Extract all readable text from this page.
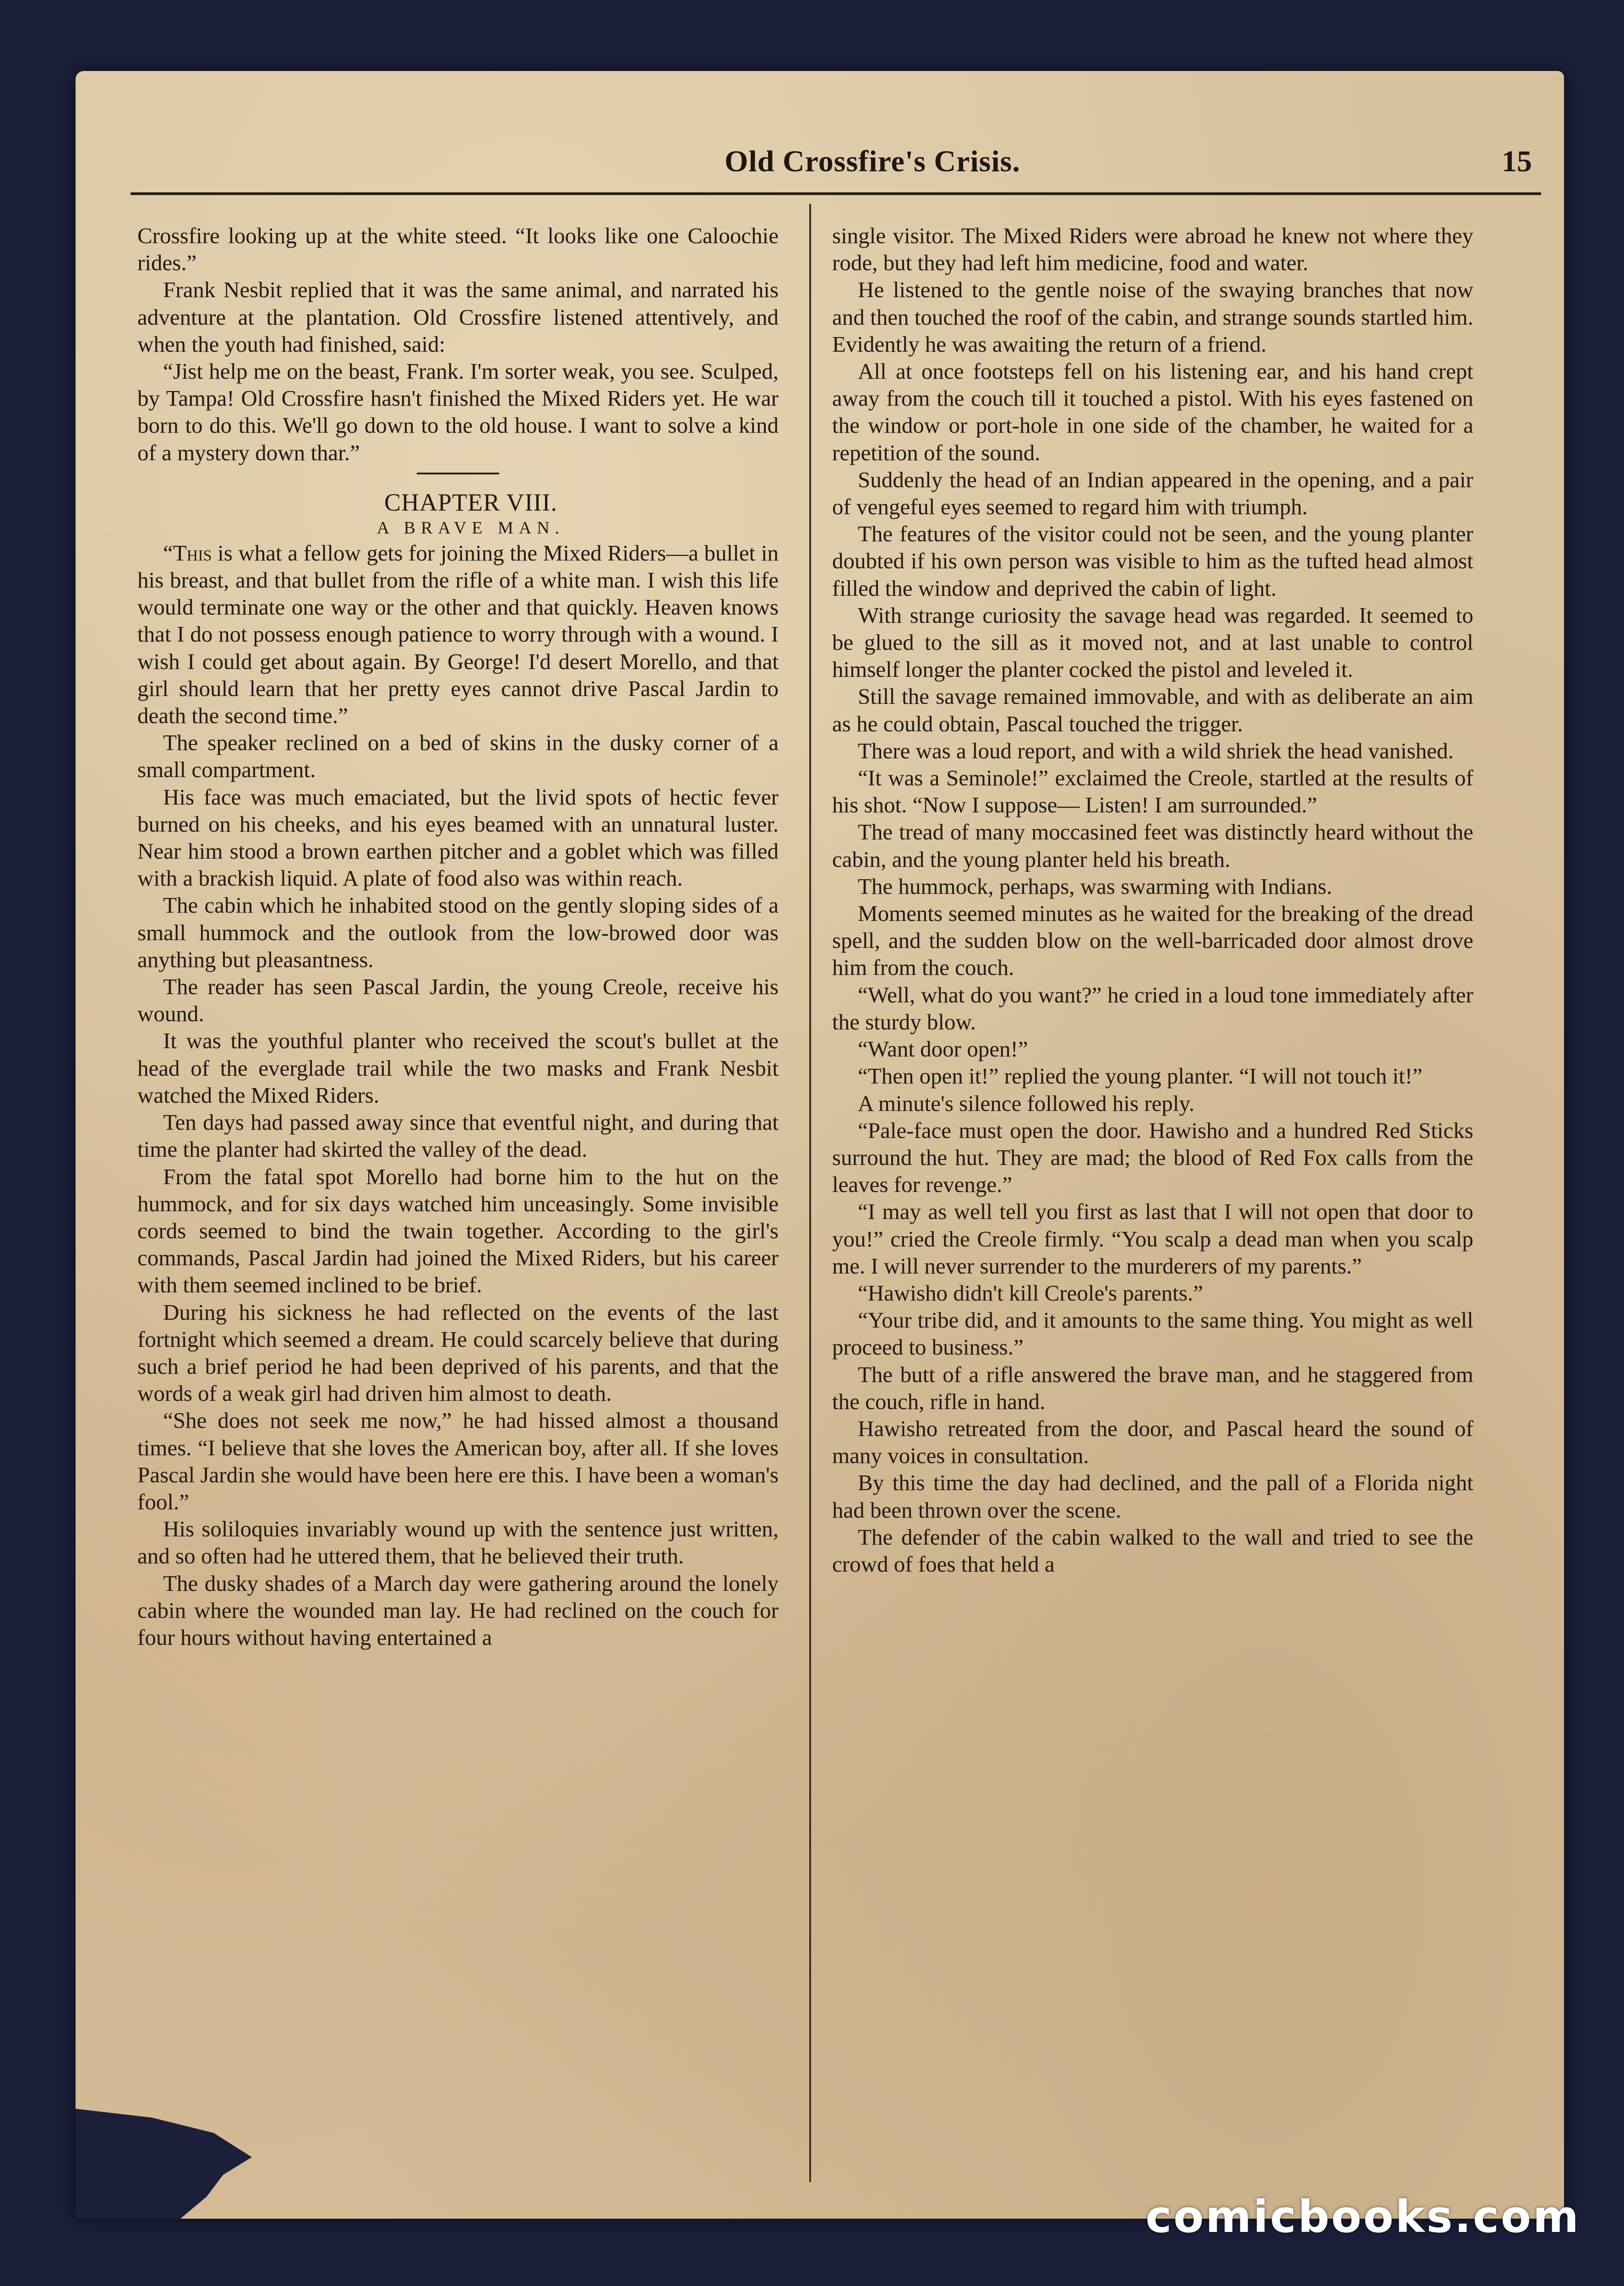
Old Crossfire's Crisis.	15

Crossfire looking up at the white steed. “It looks like one Caloochie rides.”

Frank Nesbit replied that it was the same animal, and narrated his adventure at the plantation. Old Crossfire listened attentively, and when the youth had finished, said:

“Jist help me on the beast, Frank. I'm sorter weak, you see. Sculped, by Tampa! Old Crossfire hasn't finished the Mixed Riders yet. He war born to do this. We'll go down to the old house. I want to solve a kind of a mystery down thar.”

CHAPTER VIII.

A BRAVE MAN.

“This is what a fellow gets for joining the Mixed Riders—a bullet in his breast, and that bullet from the rifle of a white man. I wish this life would terminate one way or the other and that quickly. Heaven knows that I do not possess enough patience to worry through with a wound. I wish I could get about again. By George! I'd desert Morello, and that girl should learn that her pretty eyes cannot drive Pascal Jardin to death the second time.”

The speaker reclined on a bed of skins in the dusky corner of a small compartment.

His face was much emaciated, but the livid spots of hectic fever burned on his cheeks, and his eyes beamed with an unnatural luster. Near him stood a brown earthen pitcher and a goblet which was filled with a brackish liquid. A plate of food also was within reach.

The cabin which he inhabited stood on the gently sloping sides of a small hummock and the outlook from the low-browed door was anything but pleasantness.

The reader has seen Pascal Jardin, the young Creole, receive his wound.

It was the youthful planter who received the scout's bullet at the head of the everglade trail while the two masks and Frank Nesbit watched the Mixed Riders.

Ten days had passed away since that eventful night, and during that time the planter had skirted the valley of the dead.

From the fatal spot Morello had borne him to the hut on the hummock, and for six days watched him unceasingly. Some invisible cords seemed to bind the twain together. According to the girl's commands, Pascal Jardin had joined the Mixed Riders, but his career with them seemed inclined to be brief.

During his sickness he had reflected on the events of the last fortnight which seemed a dream. He could scarcely believe that during such a brief period he had been deprived of his parents, and that the words of a weak girl had driven him almost to death.

“She does not seek me now,” he had hissed almost a thousand times. “I believe that she loves the American boy, after all. If she loves Pascal Jardin she would have been here ere this. I have been a woman's fool.”

His soliloquies invariably wound up with the sentence just written, and so often had he uttered them, that he believed their truth.

The dusky shades of a March day were gathering around the lonely cabin where the wounded man lay. He had reclined on the couch for four hours without having entertained a

single visitor. The Mixed Riders were abroad he knew not where they rode, but they had left him medicine, food and water.

He listened to the gentle noise of the swaying branches that now and then touched the roof of the cabin, and strange sounds startled him. Evidently he was awaiting the return of a friend.

All at once footsteps fell on his listening ear, and his hand crept away from the couch till it touched a pistol. With his eyes fastened on the window or port-hole in one side of the chamber, he waited for a repetition of the sound.

Suddenly the head of an Indian appeared in the opening, and a pair of vengeful eyes seemed to regard him with triumph.

The features of the visitor could not be seen, and the young planter doubted if his own person was visible to him as the tufted head almost filled the window and deprived the cabin of light.

With strange curiosity the savage head was regarded. It seemed to be glued to the sill as it moved not, and at last unable to control himself longer the planter cocked the pistol and leveled it.

Still the savage remained immovable, and with as deliberate an aim as he could obtain, Pascal touched the trigger.

There was a loud report, and with a wild shriek the head vanished.

“It was a Seminole!” exclaimed the Creole, startled at the results of his shot. “Now I suppose— Listen! I am surrounded.”

The tread of many moccasined feet was distinctly heard without the cabin, and the young planter held his breath.

The hummock, perhaps, was swarming with Indians.

Moments seemed minutes as he waited for the breaking of the dread spell, and the sudden blow on the well-barricaded door almost drove him from the couch.

“Well, what do you want?” he cried in a loud tone immediately after the sturdy blow.

“Want door open!”

“Then open it!” replied the young planter. “I will not touch it!”

A minute's silence followed his reply.

“Pale-face must open the door. Hawisho and a hundred Red Sticks surround the hut. They are mad; the blood of Red Fox calls from the leaves for revenge.”

“I may as well tell you first as last that I will not open that door to you!” cried the Creole firmly. “You scalp a dead man when you scalp me. I will never surrender to the murderers of my parents.”

“Hawisho didn't kill Creole's parents.”

“Your tribe did, and it amounts to the same thing. You might as well proceed to business.”

The butt of a rifle answered the brave man, and he staggered from the couch, rifle in hand.

Hawisho retreated from the door, and Pascal heard the sound of many voices in consultation.

By this time the day had declined, and the pall of a Florida night had been thrown over the scene.

The defender of the cabin walked to the wall and tried to see the crowd of foes that held a

comicbooks.com
